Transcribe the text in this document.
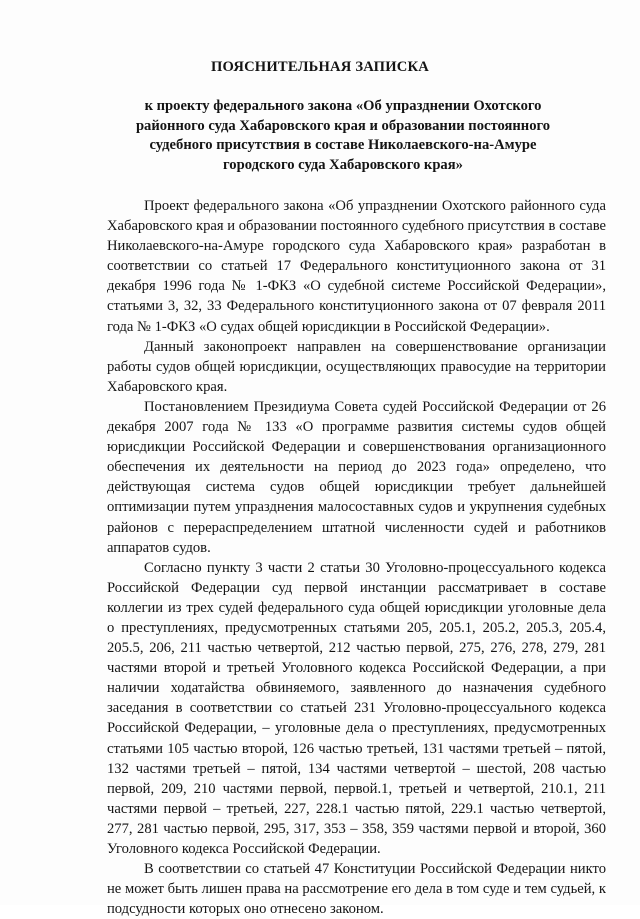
ПОЯСНИТЕЛЬНАЯ ЗАПИСКА
к проекту федерального закона «Об упразднении Охотского
районного суда Хабаровского края и образовании постоянного
судебного присутствия в составе Николаевского-на-Амуре
городского суда Хабаровского края»

Проект федерального закона «Об упразднении Охотского районного суда Хабаровского края и образовании постоянного судебного присутствия в составе Николаевского-на-Амуре городского суда Хабаровского края» разработан в соответствии со статьей 17 Федерального конституционного закона от 31 декабря 1996 года № 1-ФКЗ «О судебной системе Российской Федерации», статьями 3, 32, 33 Федерального конституционного закона от 07 февраля 2011 года № 1-ФКЗ «О судах общей юрисдикции в Российской Федерации».

Данный законопроект направлен на совершенствование организации работы судов общей юрисдикции, осуществляющих правосудие на территории Хабаровского края.

Постановлением Президиума Совета судей Российской Федерации от 26 декабря 2007 года № 133 «О программе развития системы судов общей юрисдикции Российской Федерации и совершенствования организационного обеспечения их деятельности на период до 2023 года» определено, что действующая система судов общей юрисдикции требует дальнейшей оптимизации путем упразднения малосоставных судов и укрупнения судебных районов с перераспределением штатной численности судей и работников аппаратов судов.

Согласно пункту 3 части 2 статьи 30 Уголовно-процессуального кодекса Российской Федерации суд первой инстанции рассматривает в составе коллегии из трех судей федерального суда общей юрисдикции уголовные дела о преступлениях, предусмотренных статьями 205, 205.1, 205.2, 205.3, 205.4, 205.5, 206, 211 частью четвертой, 212 частью первой, 275, 276, 278, 279, 281 частями второй и третьей Уголовного кодекса Российской Федерации, а при наличии ходатайства обвиняемого, заявленного до назначения судебного заседания в соответствии со статьей 231 Уголовно-процессуального кодекса Российской Федерации, – уголовные дела о преступлениях, предусмотренных статьями 105 частью второй, 126 частью третьей, 131 частями третьей – пятой, 132 частями третьей – пятой, 134 частями четвертой – шестой, 208 частью первой, 209, 210 частями первой, первой.1, третьей и четвертой, 210.1, 211 частями первой – третьей, 227, 228.1 частью пятой, 229.1 частью четвертой, 277, 281 частью первой, 295, 317, 353 – 358, 359 частями первой и второй, 360 Уголовного кодекса Российской Федерации.

В соответствии со статьей 47 Конституции Российской Федерации никто не может быть лишен права на рассмотрение его дела в том суде и тем судьей, к подсудности которых оно отнесено законом.
